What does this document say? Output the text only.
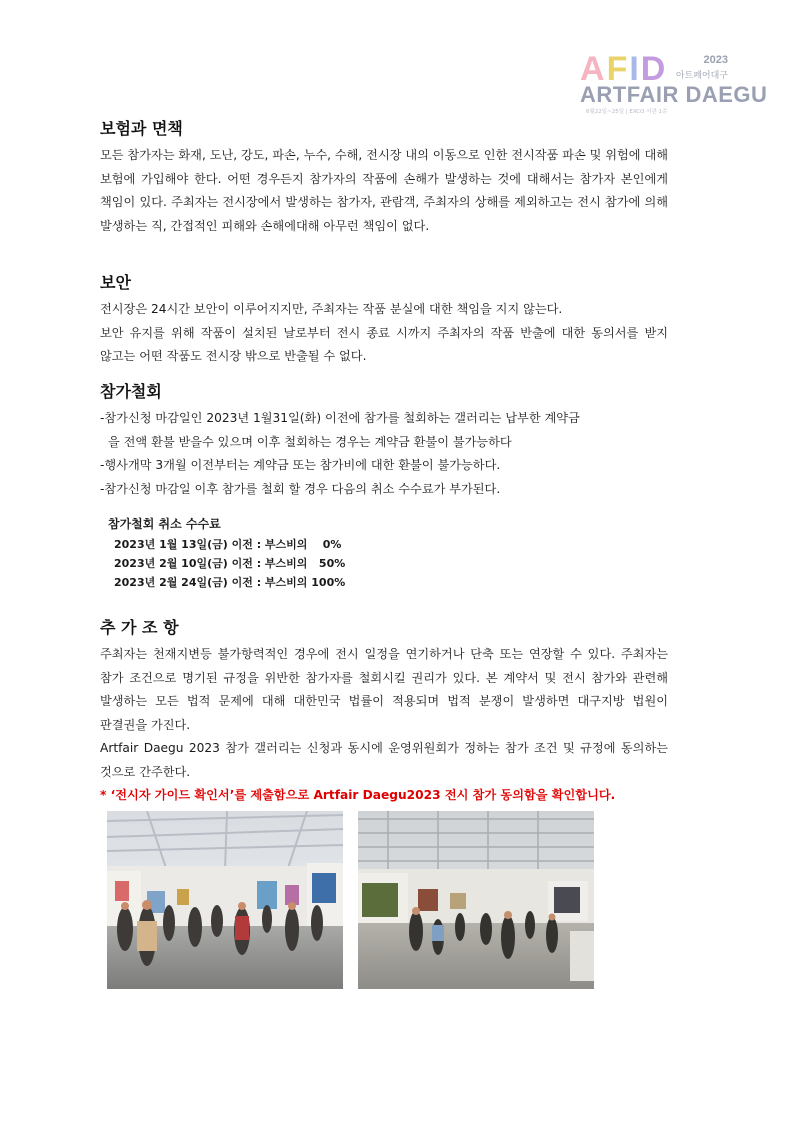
AFID	2023
아트페어대구
ARTFAIR DAEGU
6월22일~25일 | EXCO 서관 1층
보험과 면책

모든 참가자는 화재, 도난, 강도, 파손, 누수, 수해, 전시장 내의 이동으로 인한 전시작품 파손 및 위험에 대해 보험에 가입해야 한다. 어떤 경우든지 참가자의 작품에 손해가 발생하는 것에 대해서는 참가자 본인에게 책임이 있다. 주최자는 전시장에서 발생하는 참가자, 관람객, 주최자의 상해를 제외하고는 전시 참가에 의해 발생하는 직, 간접적인 피해와 손해에대해 아무런 책임이 없다.

보안

전시장은 24시간 보안이 이루어지지만, 주최자는 작품 분실에 대한 책임을 지지 않는다.

보안 유지를 위해 작품이 설치된 날로부터 전시 종료 시까지 주최자의 작품 반출에 대한 동의서를 받지 않고는 어떤 작품도 전시장 밖으로 반출될 수 없다.

참가철회

-참가신청 마감일인 2023년 1월31일(화) 이전에 참가를 철회하는 갤러리는 납부한 계약금

을 전액 환불 받을수 있으며 이후 철회하는 경우는 계약금 환불이 불가능하다

-행사개막 3개월 이전부터는 계약금 또는 참가비에 대한 환불이 불가능하다.

-참가신청 마감일 이후 참가를 철회 할 경우 다음의 취소 수수료가 부가된다.

참가철회 취소 수수료
2023년 1월 13일(금) 이전 : 부스비의    0%
2023년 2월 10일(금) 이전 : 부스비의   50%
2023년 2월 24일(금) 이전 : 부스비의 100%
추 가 조 항

주최자는 천재지변등 불가항력적인 경우에 전시 일정을 연기하거나 단축 또는 연장할 수 있다. 주최자는 참가 조건으로 명기된 규정을 위반한 참가자를 철회시킬 권리가 있다. 본 계약서 및 전시 참가와 관련해 발생하는 모든 법적 문제에 대해 대한민국 법률이 적용되며 법적 분쟁이 발생하면 대구지방 법원이 판결권을 가진다.

Artfair Daegu 2023 참가 갤러리는 신청과 동시에 운영위원회가 정하는 참가 조건 및 규정에 동의하는 것으로 간주한다.

* ‘전시자 가이드 확인서’를 제출함으로 Artfair Daegu2023 전시 참가 동의함을 확인합니다.
